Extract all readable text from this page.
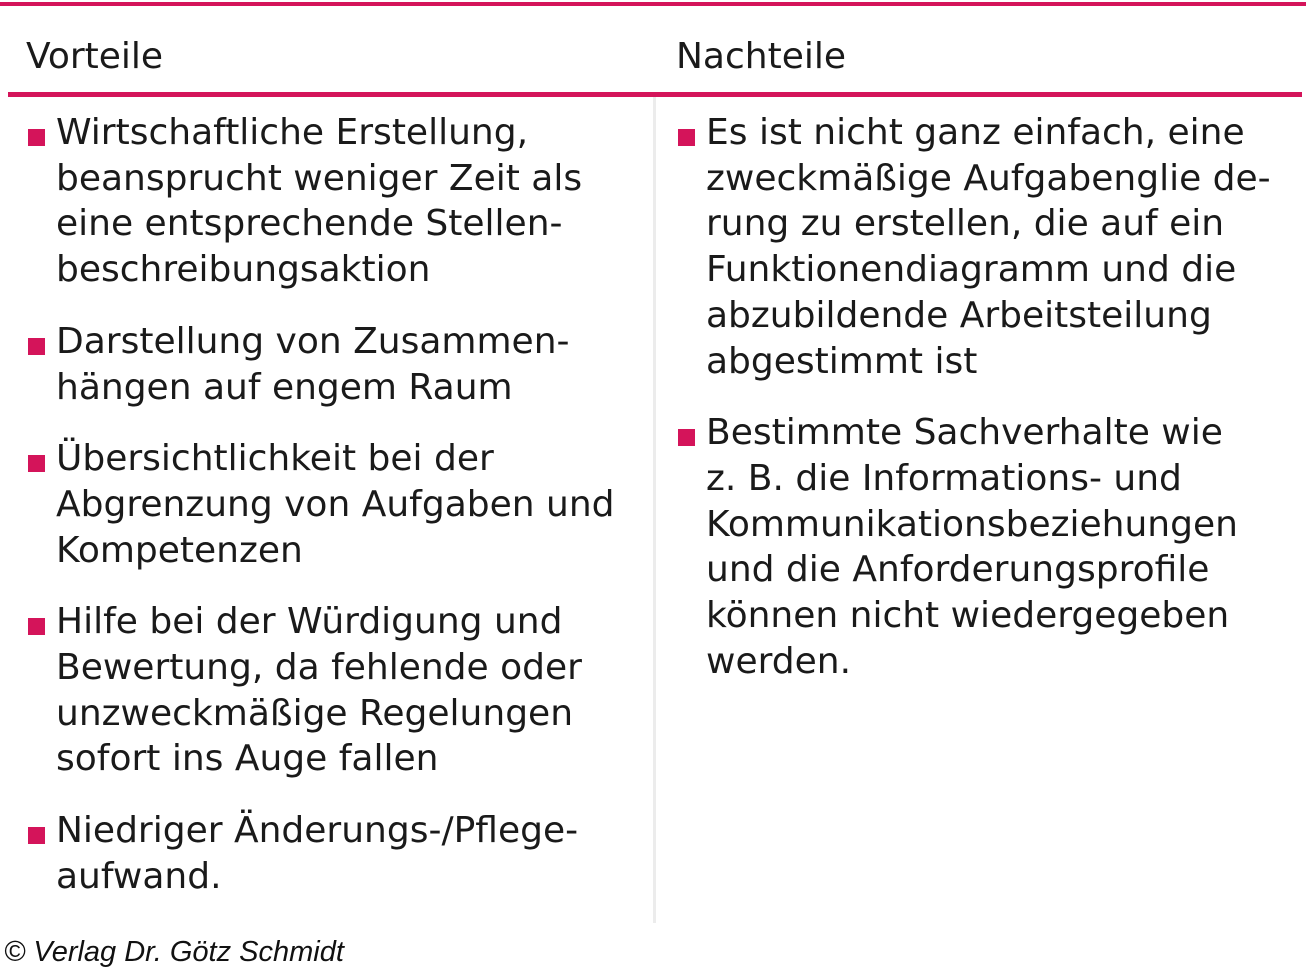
Vorteile	Nachteile
Wirtschaftliche Erstellung,
beansprucht weniger Zeit als
eine entsprechende Stellen-
beschreibungsaktion
Darstellung von Zusammen-
hängen auf engem Raum
Übersichtlichkeit bei der
Abgrenzung von Aufgaben und
Kompetenzen
Hilfe bei der Würdigung und
Bewertung, da fehlende oder
unzweckmäßige Regelungen
sofort ins Auge fallen
Niedriger Änderungs-/Pflege-
aufwand.
Es ist nicht ganz einfach, eine
zweckmäßige Aufgabenglie de-
rung zu erstellen, die auf ein
Funktionendiagramm und die
abzubildende Arbeitsteilung
abgestimmt ist
Bestimmte Sachverhalte wie
z. B. die Informations- und
Kommunikationsbeziehungen
und die Anforderungsprofile
können nicht wiedergegeben
werden.
© Verlag Dr. Götz Schmidt
